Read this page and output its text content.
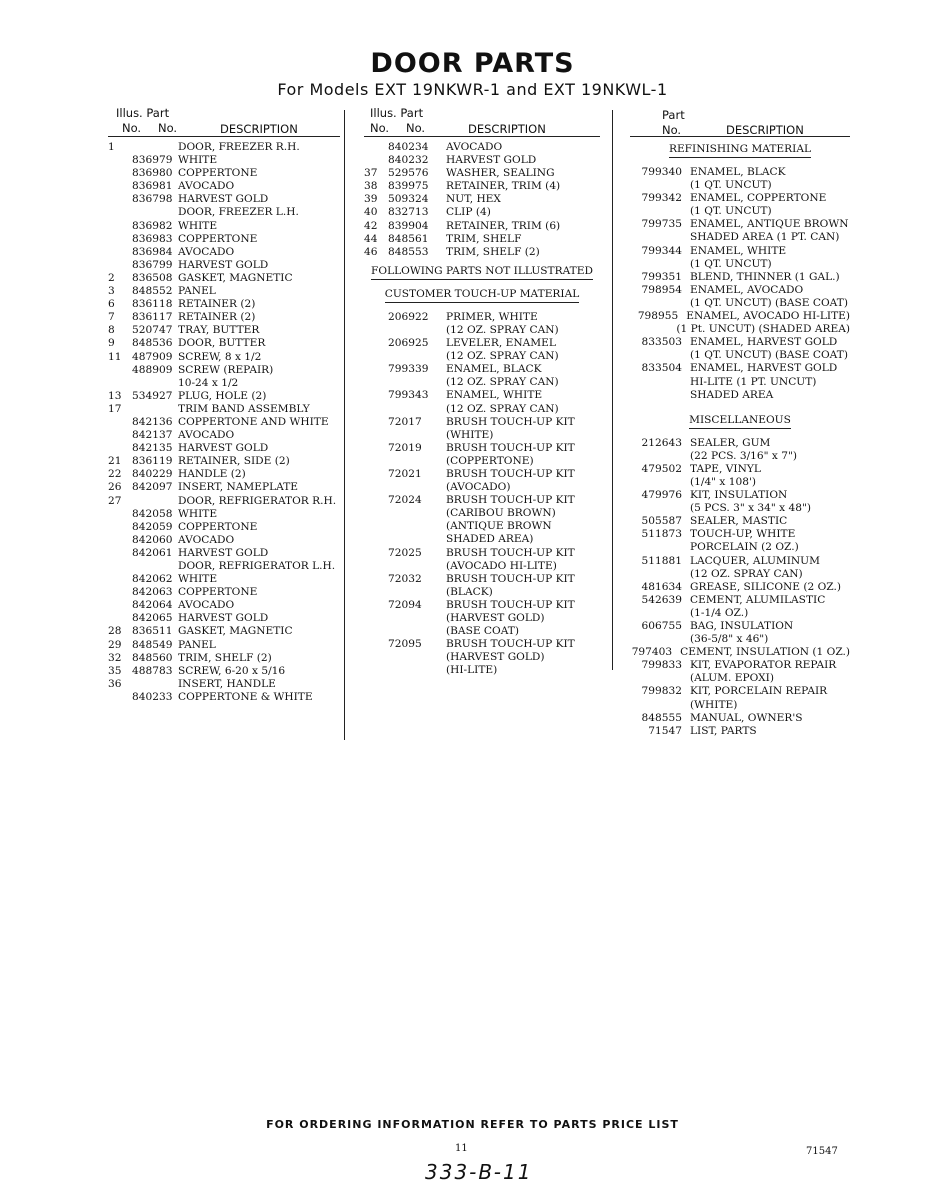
DOOR PARTS
For Models EXT 19NKWR-1 and EXT 19NKWL-1
Illus. Part
No. No.	DESCRIPTION
1	DOOR, FREEZER R.H.
836979 WHITE
836980 COPPERTONE
836981 AVOCADO
836798 HARVEST GOLD
DOOR, FREEZER L.H.
836982 WHITE
836983 COPPERTONE
836984 AVOCADO
836799 HARVEST GOLD
2	836508 GASKET, MAGNETIC
3	848552 PANEL
6	836118 RETAINER (2)
7	836117 RETAINER (2)
8	520747 TRAY, BUTTER
9	848536 DOOR, BUTTER
11 487909 SCREW, 8 x 1/2
488909 SCREW (REPAIR)
10-24 x 1/2
13 534927 PLUG, HOLE (2)
17	TRIM BAND ASSEMBLY
842136 COPPERTONE AND WHITE
842137 AVOCADO
842135 HARVEST GOLD
21 836119 RETAINER, SIDE (2)
22 840229 HANDLE (2)
26 842097 INSERT, NAMEPLATE
27	DOOR, REFRIGERATOR R.H.
842058 WHITE
842059 COPPERTONE
842060 AVOCADO
842061 HARVEST GOLD
DOOR, REFRIGERATOR L.H.
842062 WHITE
842063 COPPERTONE
842064 AVOCADO
842065 HARVEST GOLD
28 836511 GASKET, MAGNETIC
29 848549 PANEL
32 848560 TRIM, SHELF (2)
35 488783 SCREW, 6-20 x 5/16
36	INSERT, HANDLE
840233 COPPERTONE & WHITE
Illus. Part
No. No.	DESCRIPTION
840234	AVOCADO
840232	HARVEST GOLD
37 529576	WASHER, SEALING
38 839975	RETAINER, TRIM (4)
39 509324	NUT, HEX
40 832713	CLIP (4)
42 839904	RETAINER, TRIM (6)
44 848561	TRIM, SHELF
46 848553	TRIM, SHELF (2)
FOLLOWING PARTS NOT ILLUSTRATED
CUSTOMER TOUCH-UP MATERIAL
206922	PRIMER, WHITE
(12 OZ. SPRAY CAN)
206925	LEVELER, ENAMEL
(12 OZ. SPRAY CAN)
799339	ENAMEL, BLACK
(12 OZ. SPRAY CAN)
799343	ENAMEL, WHITE
(12 OZ. SPRAY CAN)
72017	BRUSH TOUCH-UP KIT
(WHITE)
72019	BRUSH TOUCH-UP KIT
(COPPERTONE)
72021	BRUSH TOUCH-UP KIT
(AVOCADO)
72024	BRUSH TOUCH-UP KIT
(CARIBOU BROWN)
(ANTIQUE BROWN
SHADED AREA)
72025	BRUSH TOUCH-UP KIT
(AVOCADO HI-LITE)
72032	BRUSH TOUCH-UP KIT
(BLACK)
72094	BRUSH TOUCH-UP KIT
(HARVEST GOLD)
(BASE COAT)
72095	BRUSH TOUCH-UP KIT
(HARVEST GOLD)
(HI-LITE)
Part
No.	DESCRIPTION
REFINISHING MATERIAL
799340 ENAMEL, BLACK
(1 QT. UNCUT)
799342 ENAMEL, COPPERTONE
(1 QT. UNCUT)
799735 ENAMEL, ANTIQUE BROWN
SHADED AREA (1 PT. CAN)
799344 ENAMEL, WHITE
(1 QT. UNCUT)
799351 BLEND, THINNER (1 GAL.)
798954 ENAMEL, AVOCADO
(1 QT. UNCUT) (BASE COAT)
798955 ENAMEL, AVOCADO HI-LITE)
(1 Pt. UNCUT) (SHADED AREA)
833503 ENAMEL, HARVEST GOLD
(1 QT. UNCUT) (BASE COAT)
833504 ENAMEL, HARVEST GOLD
HI-LITE (1 PT. UNCUT)
SHADED AREA
MISCELLANEOUS
212643 SEALER, GUM
(22 PCS. 3/16" x 7")
479502 TAPE, VINYL
(1/4" x 108')
479976 KIT, INSULATION
(5 PCS. 3" x 34" x 48")
505587 SEALER, MASTIC
511873 TOUCH-UP, WHITE
PORCELAIN (2 OZ.)
511881 LACQUER, ALUMINUM
(12 OZ. SPRAY CAN)
481634 GREASE, SILICONE (2 OZ.)
542639 CEMENT, ALUMILASTIC
(1-1/4 OZ.)
606755 BAG, INSULATION
(36-5/8" x 46")
797403 CEMENT, INSULATION (1 OZ.)
799833 KIT, EVAPORATOR REPAIR
(ALUM. EPOXI)
799832 KIT, PORCELAIN REPAIR
(WHITE)
848555 MANUAL, OWNER'S
71547 LIST, PARTS
FOR ORDERING INFORMATION REFER TO PARTS PRICE LIST
11	71547
333-B-11
